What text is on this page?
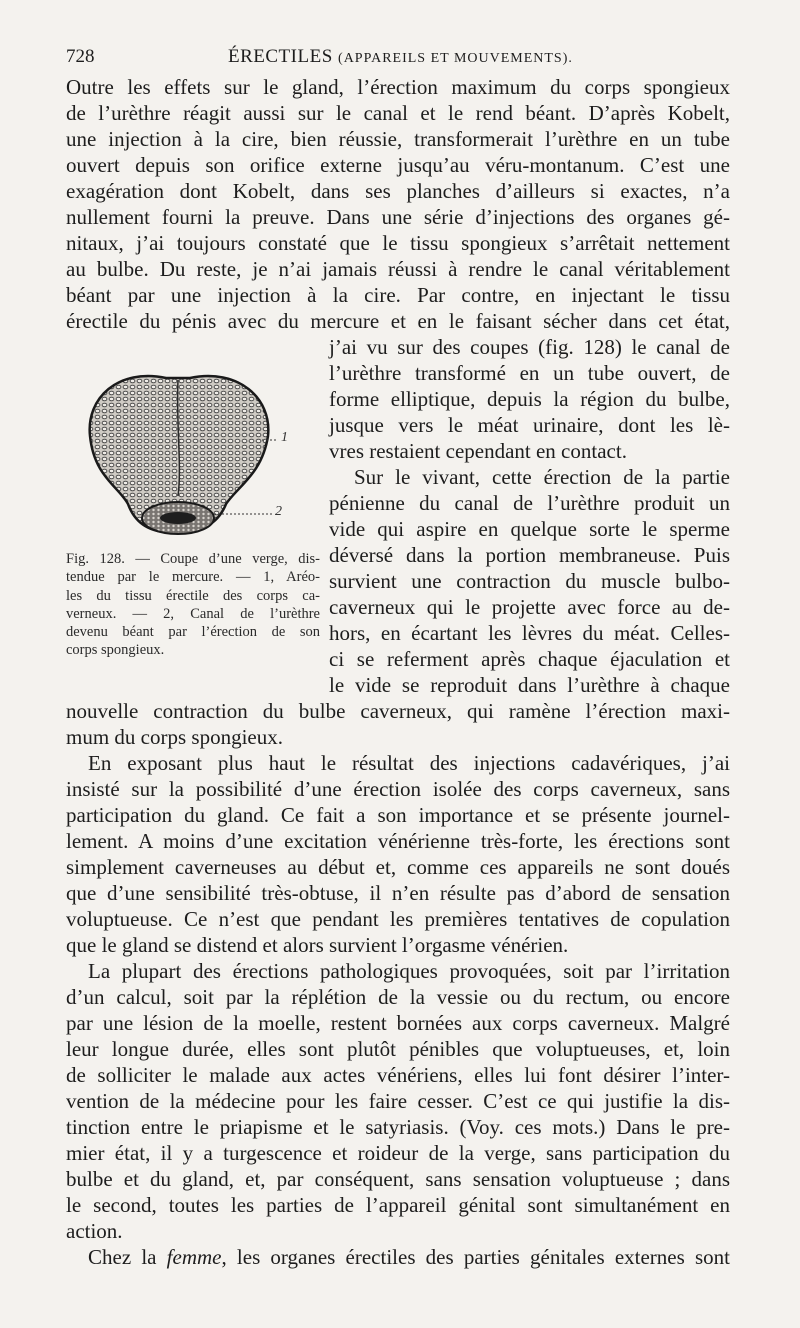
728	ÉRECTILES (APPAREILS ET MOUVEMENTS).
Outre les effets sur le gland, l’érection maximum du corps spongieux
de l’urèthre réagit aussi sur le canal et le rend béant. D’après Kobelt,
une injection à la cire, bien réussie, transformerait l’urèthre en un tube
ouvert depuis son orifice externe jusqu’au véru-montanum. C’est une
exagération dont Kobelt, dans ses planches d’ailleurs si exactes, n’a
nullement fourni la preuve. Dans une série d’injections des organes gé-
nitaux, j’ai toujours constaté que le tissu spongieux s’arrêtait nettement
au bulbe. Du reste, je n’ai jamais réussi à rendre le canal véritablement
béant par une injection à la cire. Par contre, en injectant le tissu
érectile du pénis avec du mercure et en le faisant sécher dans cet état,
j’ai vu sur des coupes (fig. 128) le canal de
l’urèthre transformé en un tube ouvert, de
forme elliptique, depuis la région du bulbe,
jusque vers le méat urinaire, dont les lè-
vres restaient cependant en contact.
Sur le vivant, cette érection de la partie
pénienne du canal de l’urèthre produit un
vide qui aspire en quelque sorte le sperme
déversé dans la portion membraneuse. Puis
survient une contraction du muscle bulbo-
caverneux qui le projette avec force au de-
hors, en écartant les lèvres du méat. Celles-
ci se referment après chaque éjaculation et
le vide se reproduit dans l’urèthre à chaque
nouvelle contraction du bulbe caverneux, qui ramène l’érection maxi-
mum du corps spongieux.
En exposant plus haut le résultat des injections cadavériques, j’ai
insisté sur la possibilité d’une érection isolée des corps caverneux, sans
participation du gland. Ce fait a son importance et se présente journel-
lement. A moins d’une excitation vénérienne très-forte, les érections sont
simplement caverneuses au début et, comme ces appareils ne sont doués
que d’une sensibilité très-obtuse, il n’en résulte pas d’abord de sensation
voluptueuse. Ce n’est que pendant les premières tentatives de copulation
que le gland se distend et alors survient l’orgasme vénérien.
La plupart des érections pathologiques provoquées, soit par l’irritation
d’un calcul, soit par la réplétion de la vessie ou du rectum, ou encore
par une lésion de la moelle, restent bornées aux corps caverneux. Malgré
leur longue durée, elles sont plutôt pénibles que voluptueuses, et, loin
de solliciter le malade aux actes vénériens, elles lui font désirer l’inter-
vention de la médecine pour les faire cesser. C’est ce qui justifie la dis-
tinction entre le priapisme et le satyriasis. (Voy. ces mots.) Dans le pre-
mier état, il y a turgescence et roideur de la verge, sans participation du
bulbe et du gland, et, par conséquent, sans sensation voluptueuse ; dans
le second, toutes les parties de l’appareil génital sont simultanément en
action.
Chez la femme, les organes érectiles des parties génitales externes sont
1
2
Fig. 128. — Coupe d’une verge, dis-
tendue par le mercure. — 1, Aréo-
les du tissu érectile des corps ca-
verneux. — 2, Canal de l’urèthre
devenu béant par l’érection de son
corps spongieux.
